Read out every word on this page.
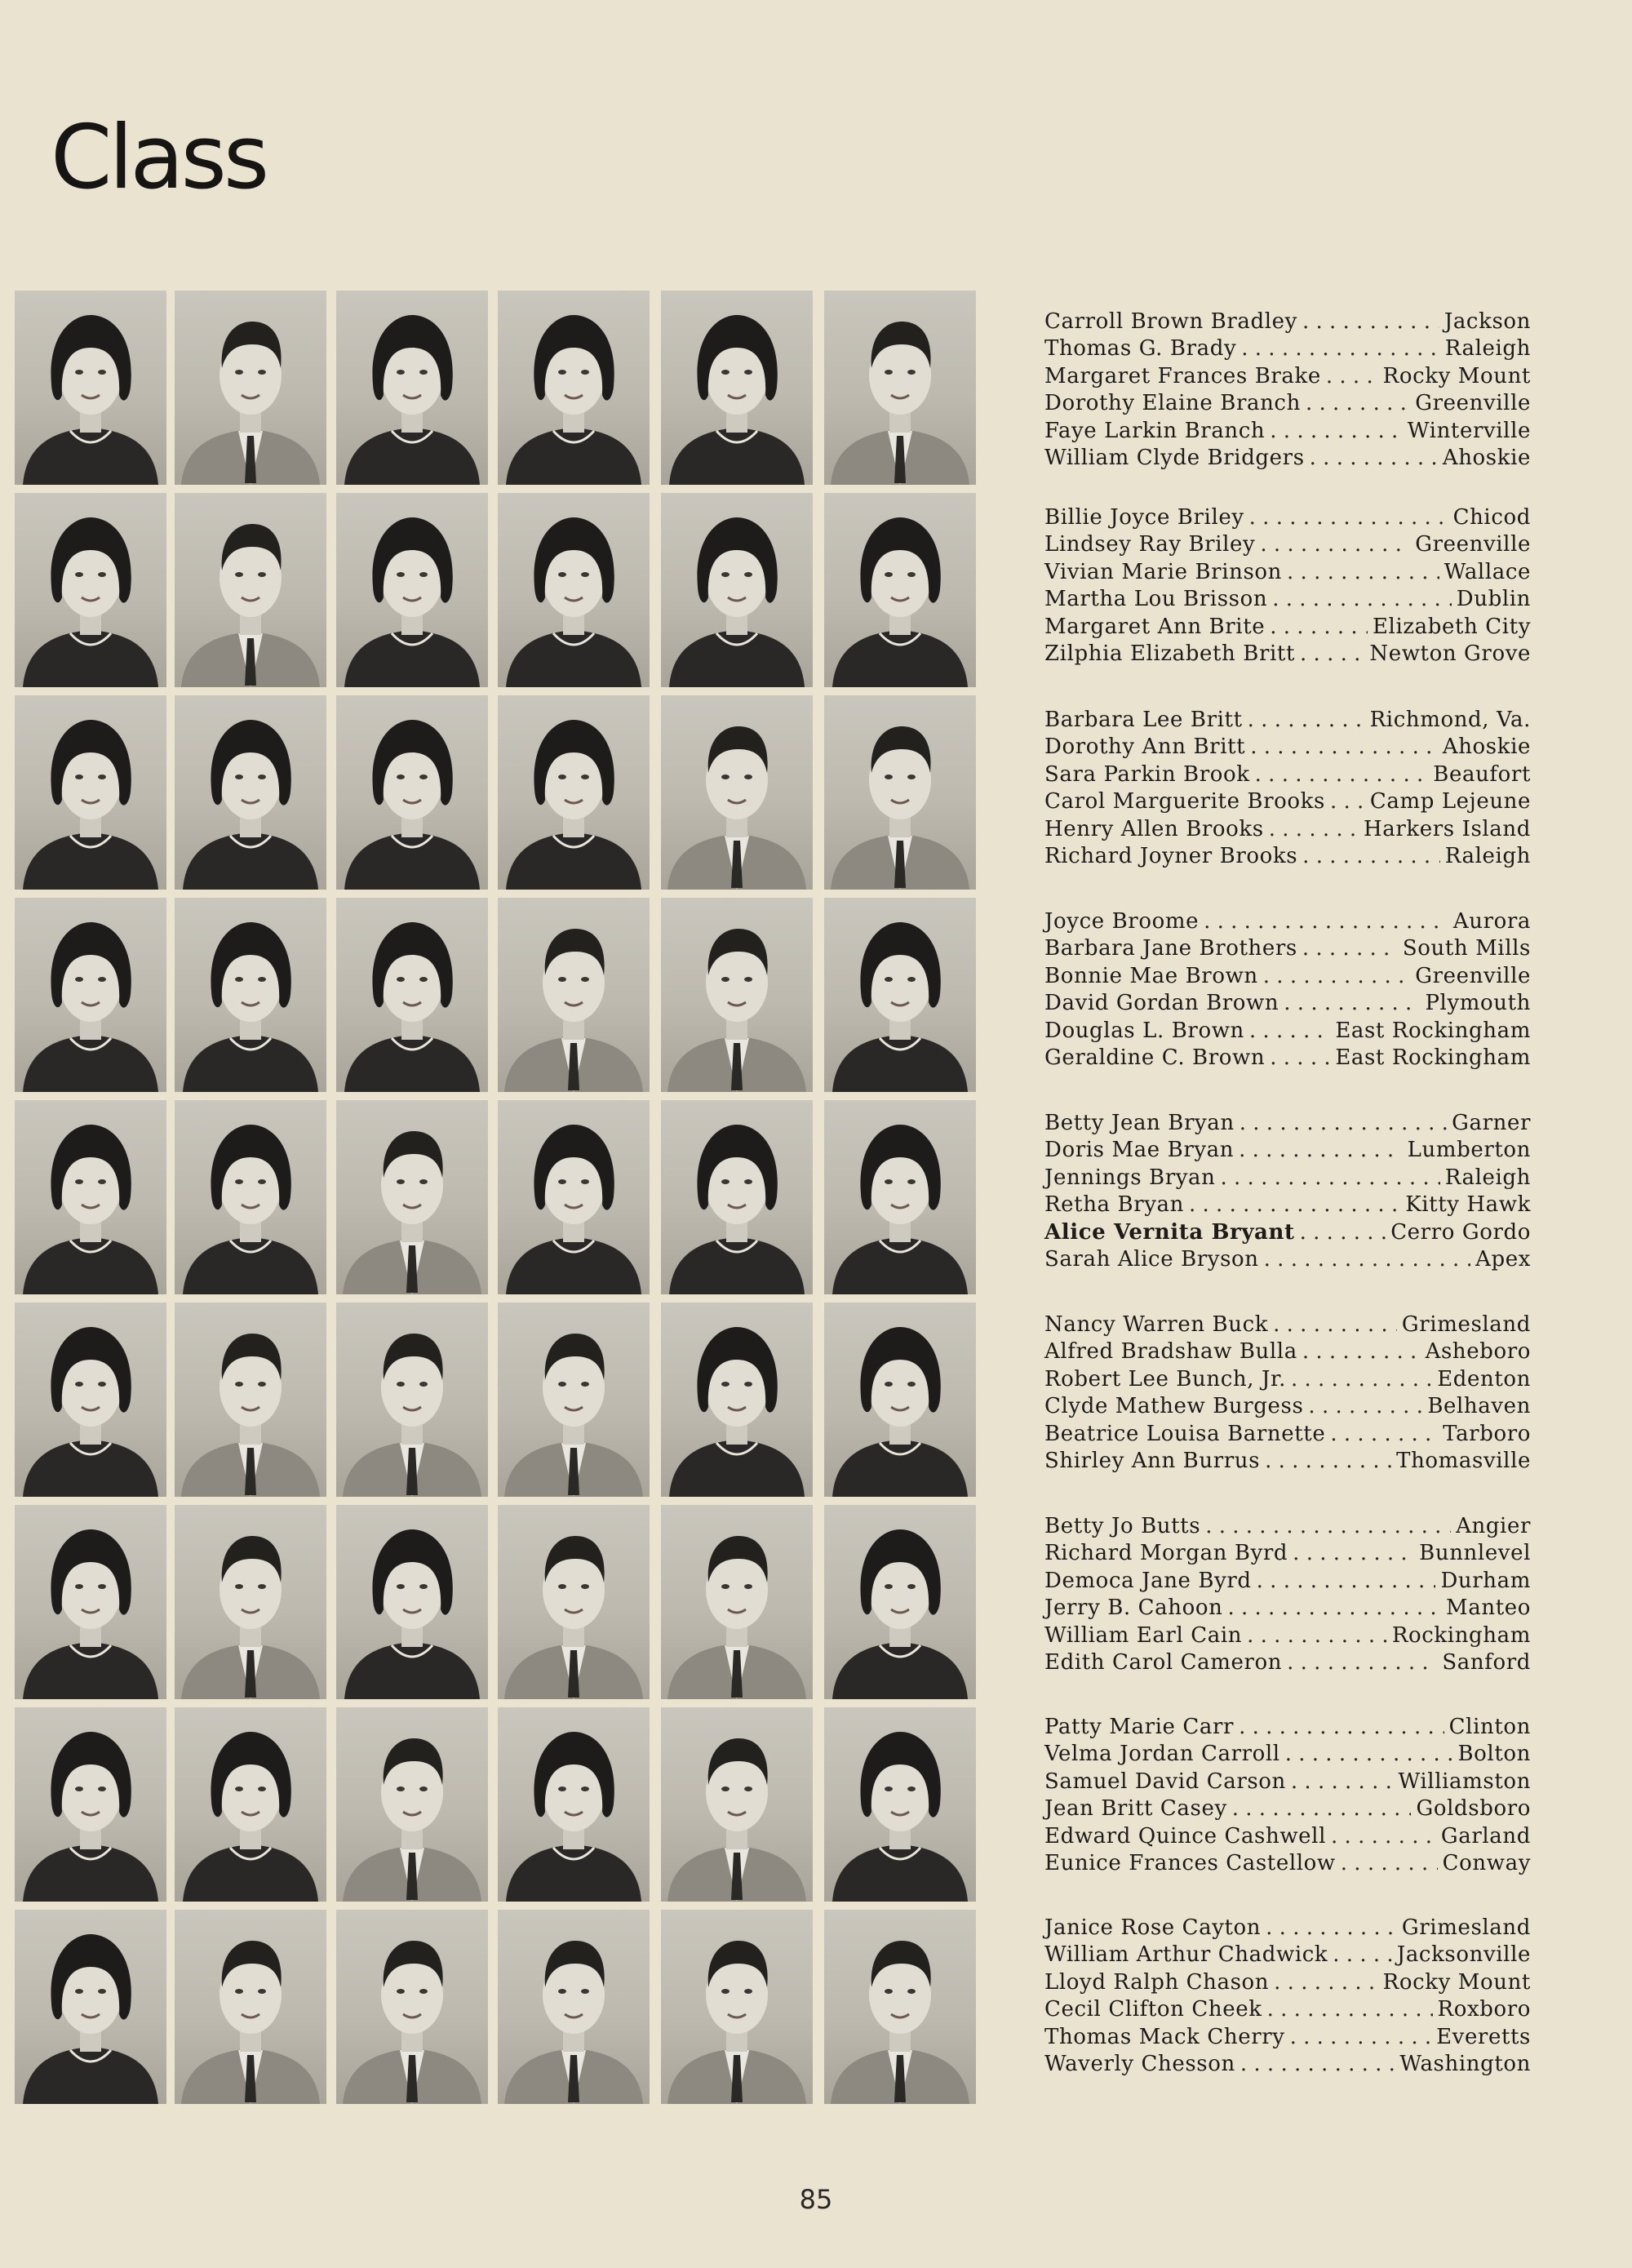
Class
Carroll Brown Bradley . . .	Jackson
Thomas G. Brady . . .	Raleigh
Margaret Frances Brake . . .	Rocky Mount
Dorothy Elaine Branch . . .	Greenville
Faye Larkin Branch . . .	Winterville
William Clyde Bridgers . . .	Ahoskie
Billie Joyce Briley . . .	Chicod
Lindsey Ray Briley . . .	Greenville
Vivian Marie Brinson . . .	Wallace
Martha Lou Brisson . . .	Dublin
Margaret Ann Brite . . .	Elizabeth City
Zilphia Elizabeth Britt . . .	Newton Grove
Barbara Lee Britt . . .	Richmond, Va.
Dorothy Ann Britt . . .	Ahoskie
Sara Parkin Brook . . .	Beaufort
Carol Marguerite Brooks . . . Camp Lejeune
Henry Allen Brooks . . .	Harkers Island
Richard Joyner Brooks . . .	Raleigh
Joyce Broome . . .	Aurora
Barbara Jane Brothers . . .	South Mills
Bonnie Mae Brown . . .	Greenville
David Gordan Brown . . .	Plymouth
Douglas L. Brown . . .	East Rockingham
Geraldine C. Brown . . .	East Rockingham
Betty Jean Bryan . . .	Garner
Doris Mae Bryan . . .	Lumberton
Jennings Bryan . . .	Raleigh
Retha Bryan . . .	Kitty Hawk
Alice Vernita Bryant . . .	Cerro Gordo
Sarah Alice Bryson . . .	Apex
Nancy Warren Buck . . .	Grimesland
Alfred Bradshaw Bulla . . .	Asheboro
Robert Lee Bunch, Jr. . . .	Edenton
Clyde Mathew Burgess . . .	Belhaven
Beatrice Louisa Barnette . . .	Tarboro
Shirley Ann Burrus . . .	Thomasville
Betty Jo Butts . . .	Angier
Richard Morgan Byrd . . .	Bunnlevel
Democa Jane Byrd . . .	Durham
Jerry B. Cahoon . . .	Manteo
William Earl Cain . . .	Rockingham
Edith Carol Cameron . . .	Sanford
Patty Marie Carr . . .	Clinton
Velma Jordan Carroll . . .	Bolton
Samuel David Carson . . .	Williamston
Jean Britt Casey . . .	Goldsboro
Edward Quince Cashwell . . .	Garland
Eunice Frances Castellow . . .	Conway
Janice Rose Cayton . . .	Grimesland
William Arthur Chadwick . . .	Jacksonville
Lloyd Ralph Chason . . .	Rocky Mount
Cecil Clifton Cheek . . .	Roxboro
Thomas Mack Cherry . . .	Everetts
Waverly Chesson . . .	Washington
85
